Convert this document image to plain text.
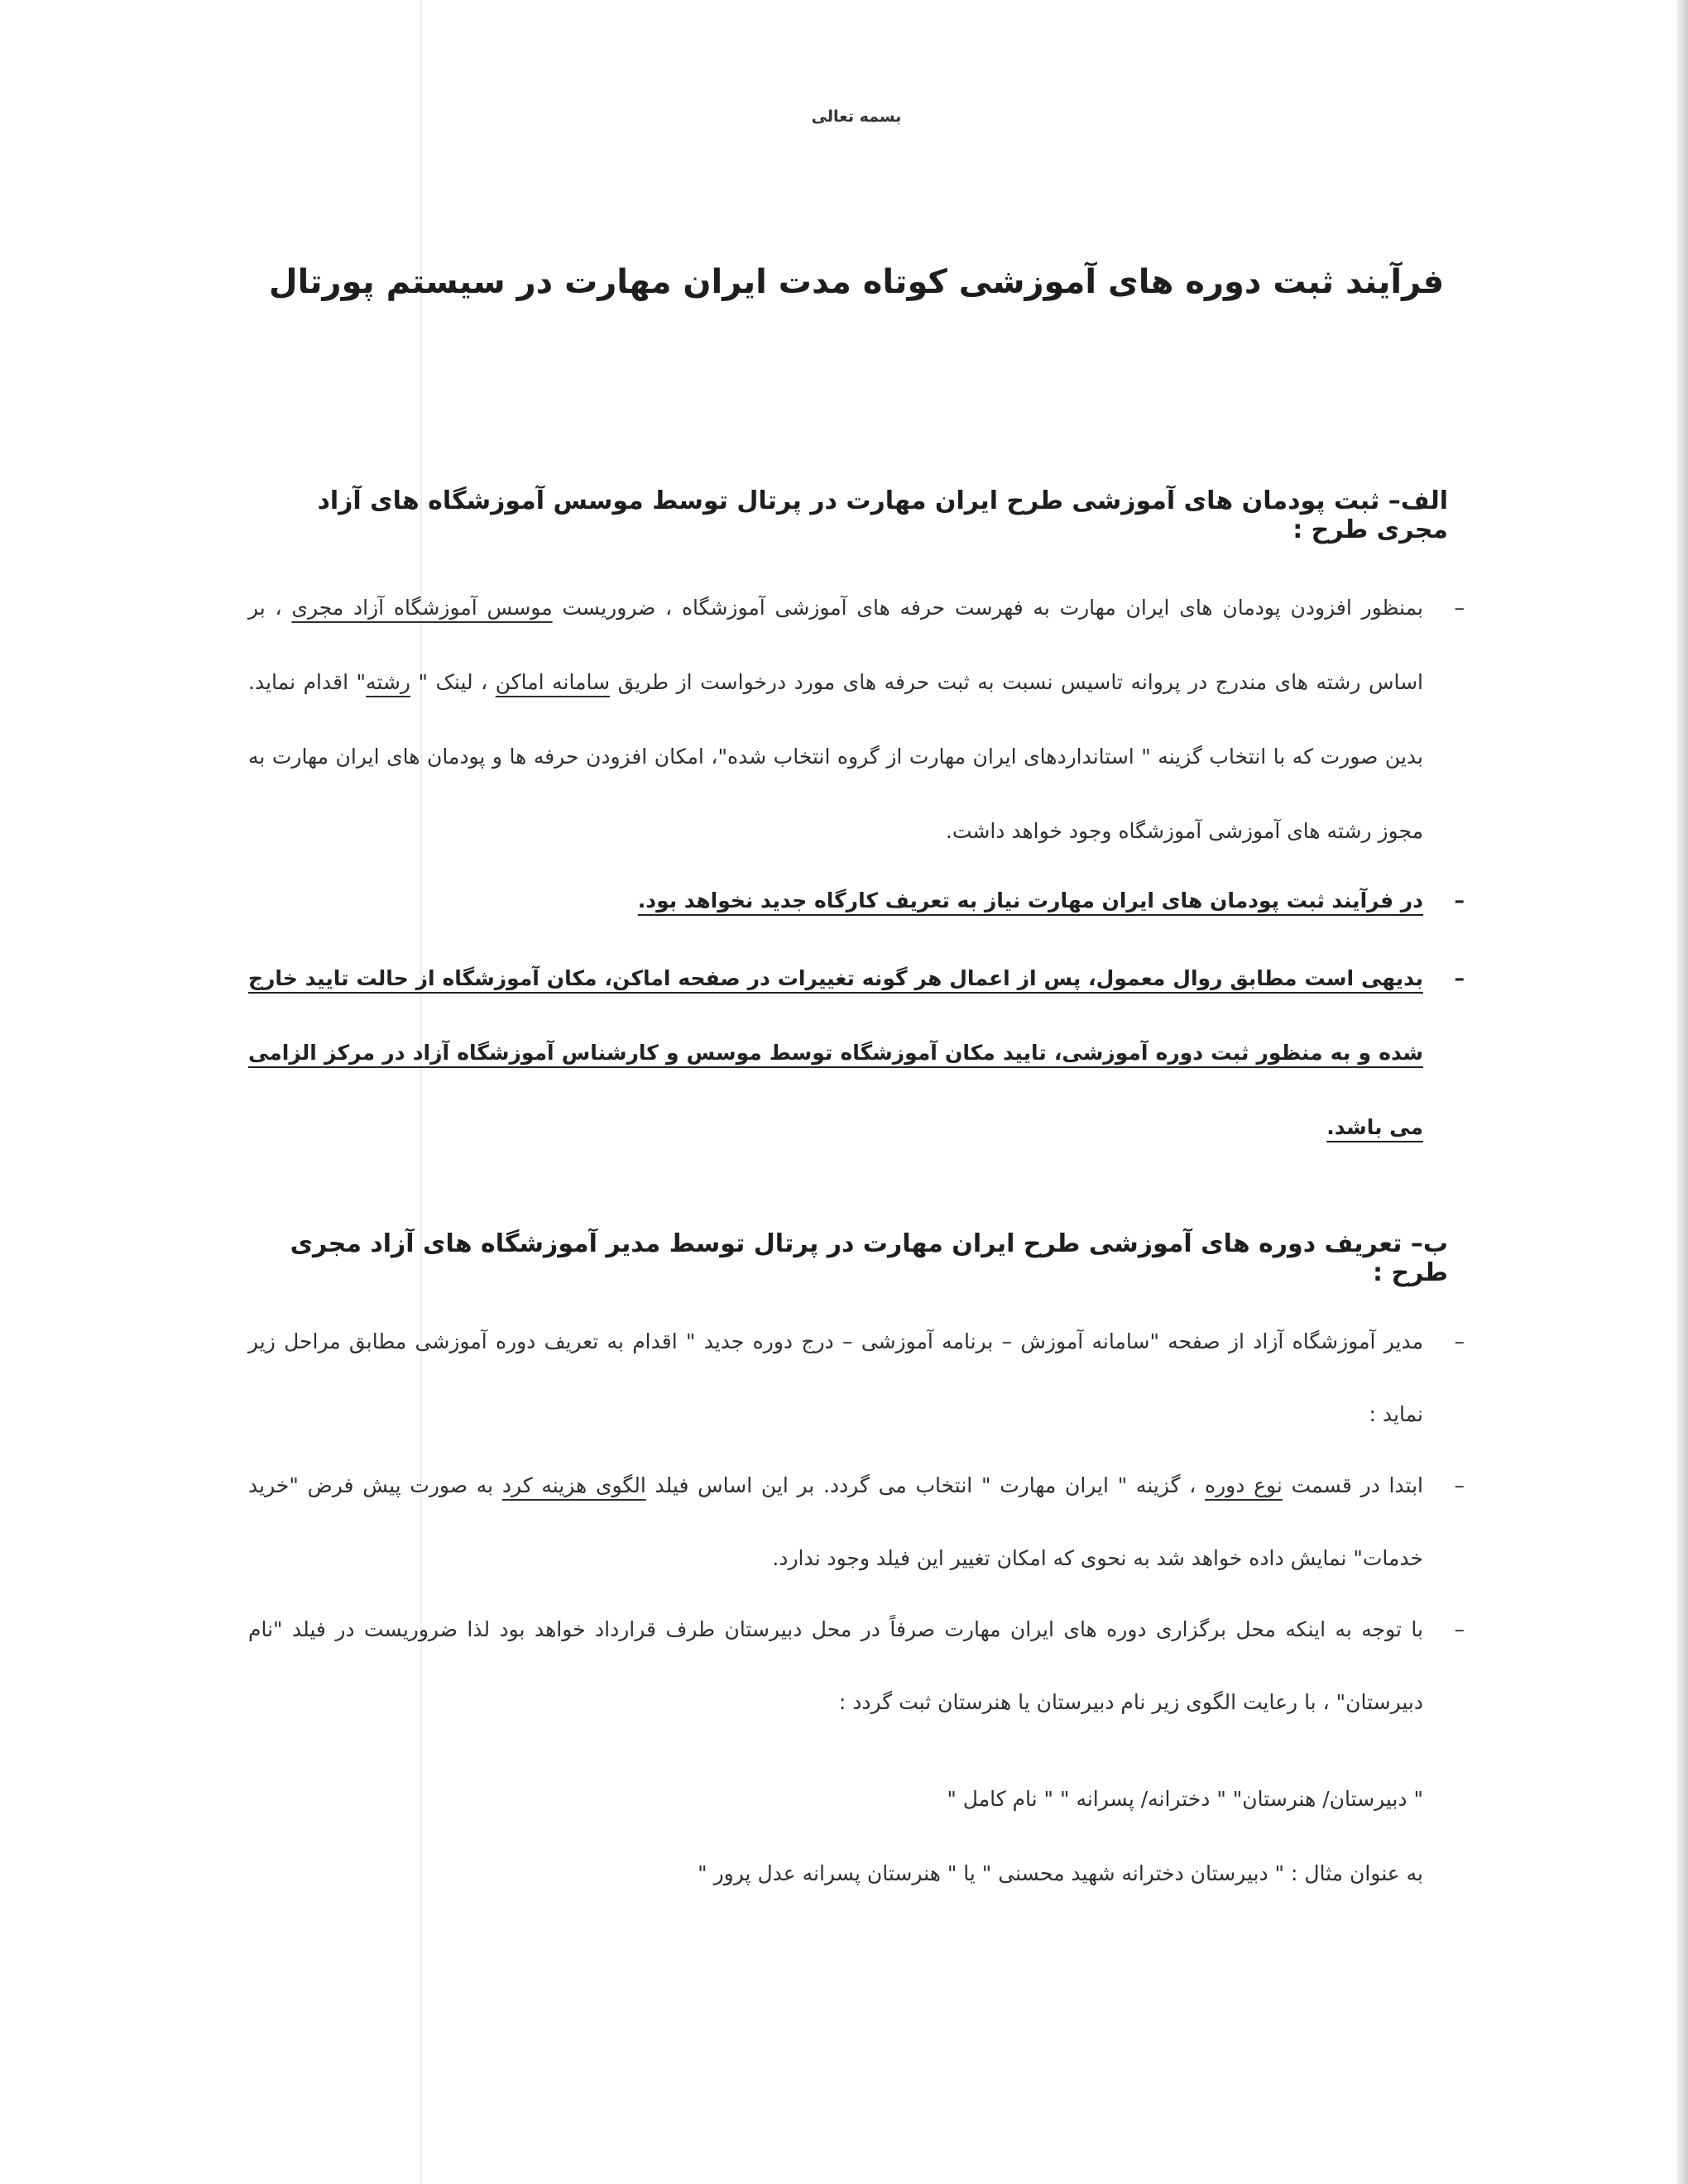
بسمه تعالی
فرآیند ثبت دوره های آموزشی کوتاه مدت ایران مهارت در سیستم پورتال
الف– ثبت پودمان های آموزشی طرح ایران مهارت در پرتال توسط موسس آموزشگاه های آزاد مجری طرح :
–
بمنظور افزودن پودمان های ایران مهارت به فهرست حرفه های آموزشی آموزشگاه ، ضروریست موسس آموزشگاه آزاد مجری ، بر اساس رشته های مندرج در پروانه تاسیس نسبت به ثبت حرفه های مورد درخواست از طریق سامانه اماکن ، لینک " رشته" اقدام نماید. بدین صورت که با انتخاب گزینه " استانداردهای ایران مهارت از گروه انتخاب شده"، امکان افزودن حرفه ها و پودمان های ایران مهارت به مجوز رشته های آموزشی آموزشگاه وجود خواهد داشت.
–
در فرآیند ثبت پودمان های ایران مهارت نیاز به تعریف کارگاه جدید نخواهد بود.
–
بدیهی است مطابق روال معمول، پس از اعمال هر گونه تغییرات در صفحه اماکن، مکان آموزشگاه از حالت تایید خارج شده و به منظور ثبت دوره آموزشی، تایید مکان آموزشگاه توسط موسس و کارشناس آموزشگاه آزاد در مرکز الزامی می باشد.
ب– تعریف دوره های آموزشی طرح ایران مهارت در پرتال توسط مدیر آموزشگاه های آزاد مجری طرح :
–
مدیر آموزشگاه آزاد از صفحه "سامانه آموزش – برنامه آموزشی – درج دوره جدید " اقدام به تعریف دوره آموزشی مطابق مراحل زیر نماید :
–
ابتدا در قسمت نوع دوره ، گزینه " ایران مهارت " انتخاب می گردد. بر این اساس فیلد الگوی هزینه کرد به صورت پیش فرض "خرید خدمات" نمایش داده خواهد شد به نحوی که امکان تغییر این فیلد وجود ندارد.
–
با توجه به اینکه محل برگزاری دوره های ایران مهارت صرفاً در محل دبیرستان طرف قرارداد خواهد بود لذا ضروریست در فیلد "نام دبیرستان" ، با رعایت الگوی زیر نام دبیرستان یا هنرستان ثبت گردد :
" دبیرستان/ هنرستان" " دخترانه/ پسرانه " " نام کامل "
به عنوان مثال : " دبیرستان دخترانه شهید محسنی " یا " هنرستان پسرانه عدل پرور "
